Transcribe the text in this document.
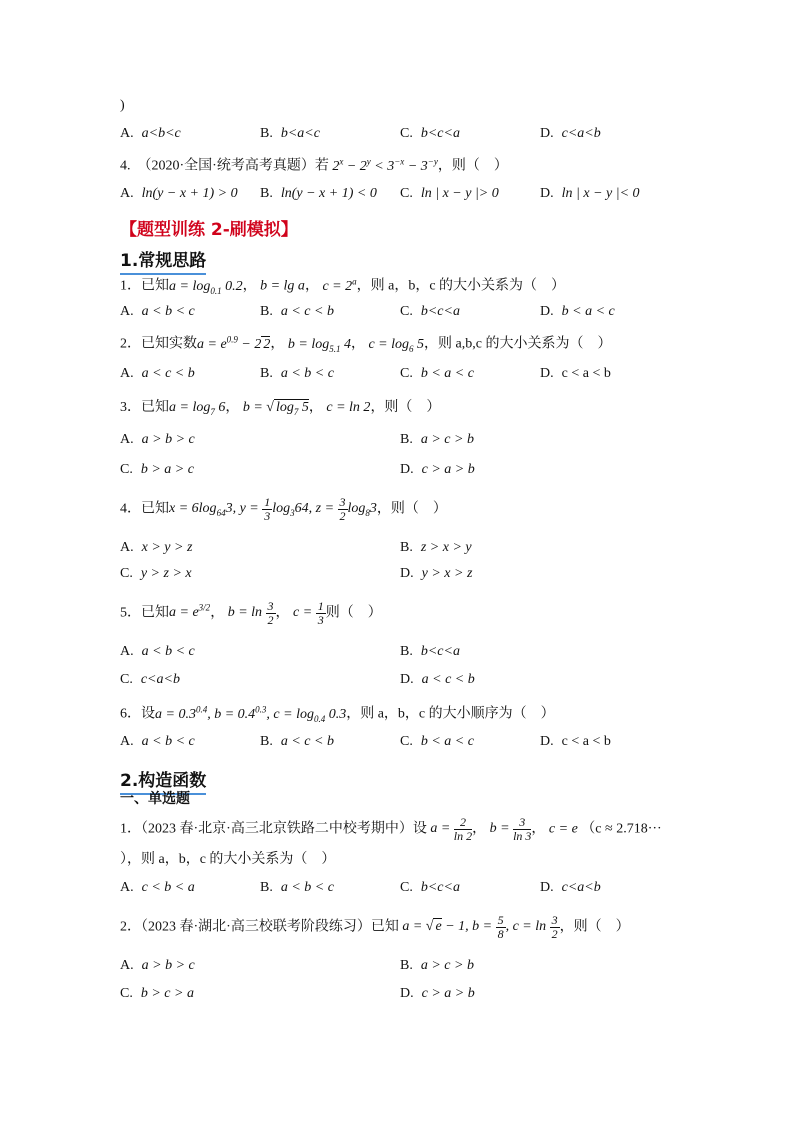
)
A. a<b<c	B. b<a<c	C. b<c<a	D. c<a<b
4.　 （2020·全国·统考高考真题）若 $2^x - 2^y < 3^{-x} - 3^{-y}$，则（　）
A. ln(y − x + 1) > 0 B. ln(y − x + 1) < 0 C. ln | x − y |> 0	D. ln | x − y |< 0
【题型训练 2-刷模拟】
1.常规思路
1．已知$a = \log_{0.1} 0.2$， b = lg a， $c = 2^a$，则 a，b，c 的大小关系为（　）
A. a < b < c	B. a < c < b	C. b<c<a	D. b < a < c
2．已知实数$a = e^{0.9} - 2$ 2， $b = \log_{5.1} 4$， $c = \log_6 5$，则 a,b,c 的大小关系为（　）
A. a < c < b	B. a < b < c	C. b < a < c	D. c < a < b
3．已知$a = \log_7 6$， b = √ $\log_7 5$， c = ln 2，则（　）
A. a > b > c	B. a > c > b
C. b > a > c	D. c > a > b
4．已知$x = 6\log_{64}3$, $y = \frac{1}{3} \log_364$, $z = \frac{3}{2} \log_83$，则（　）
A. x > y > z	B. z > x > y
C. y > z > x	D. y > x > z
5．已知$a = e^{3/2}$， $b = \ln \frac{3}{2}$ ， $c = \frac{1}{3}$ 则（　）
A. a < b < c	B. b<c<a
C. c<a<b	D. a < c < b
6．设$a = 0.3^{0.4}$, $b = 0.4^{0.3}$, $c = \log_{0.4} 0.3$，则 a，b，c 的大小顺序为（　）
A. a < b < c	B. a < c < b	C. b < a < c	D. c < a < b
2.构造函数
一、单选题
1．（2023 春·北京·高三北京铁路二中校考期中）设 $a = \frac{2}{\ln 2}$ ， $b = \frac{3}{\ln 3}$ ， c = e （c ≈ 2.718···
），则 a，b，c 的大小关系为（　）
A. c < b < a	B. a < b < c	C. b<c<a	D. c<a<b
2．（2023 春·湖北·高三校联考阶段练习）已知 a = √ e − 1, $b = \frac{5}{8}$ , $c = \ln \frac{3}{2}$ ，则（　）
A. a > b > c	B. a > c > b
C. b > c > a	D. c > a > b
